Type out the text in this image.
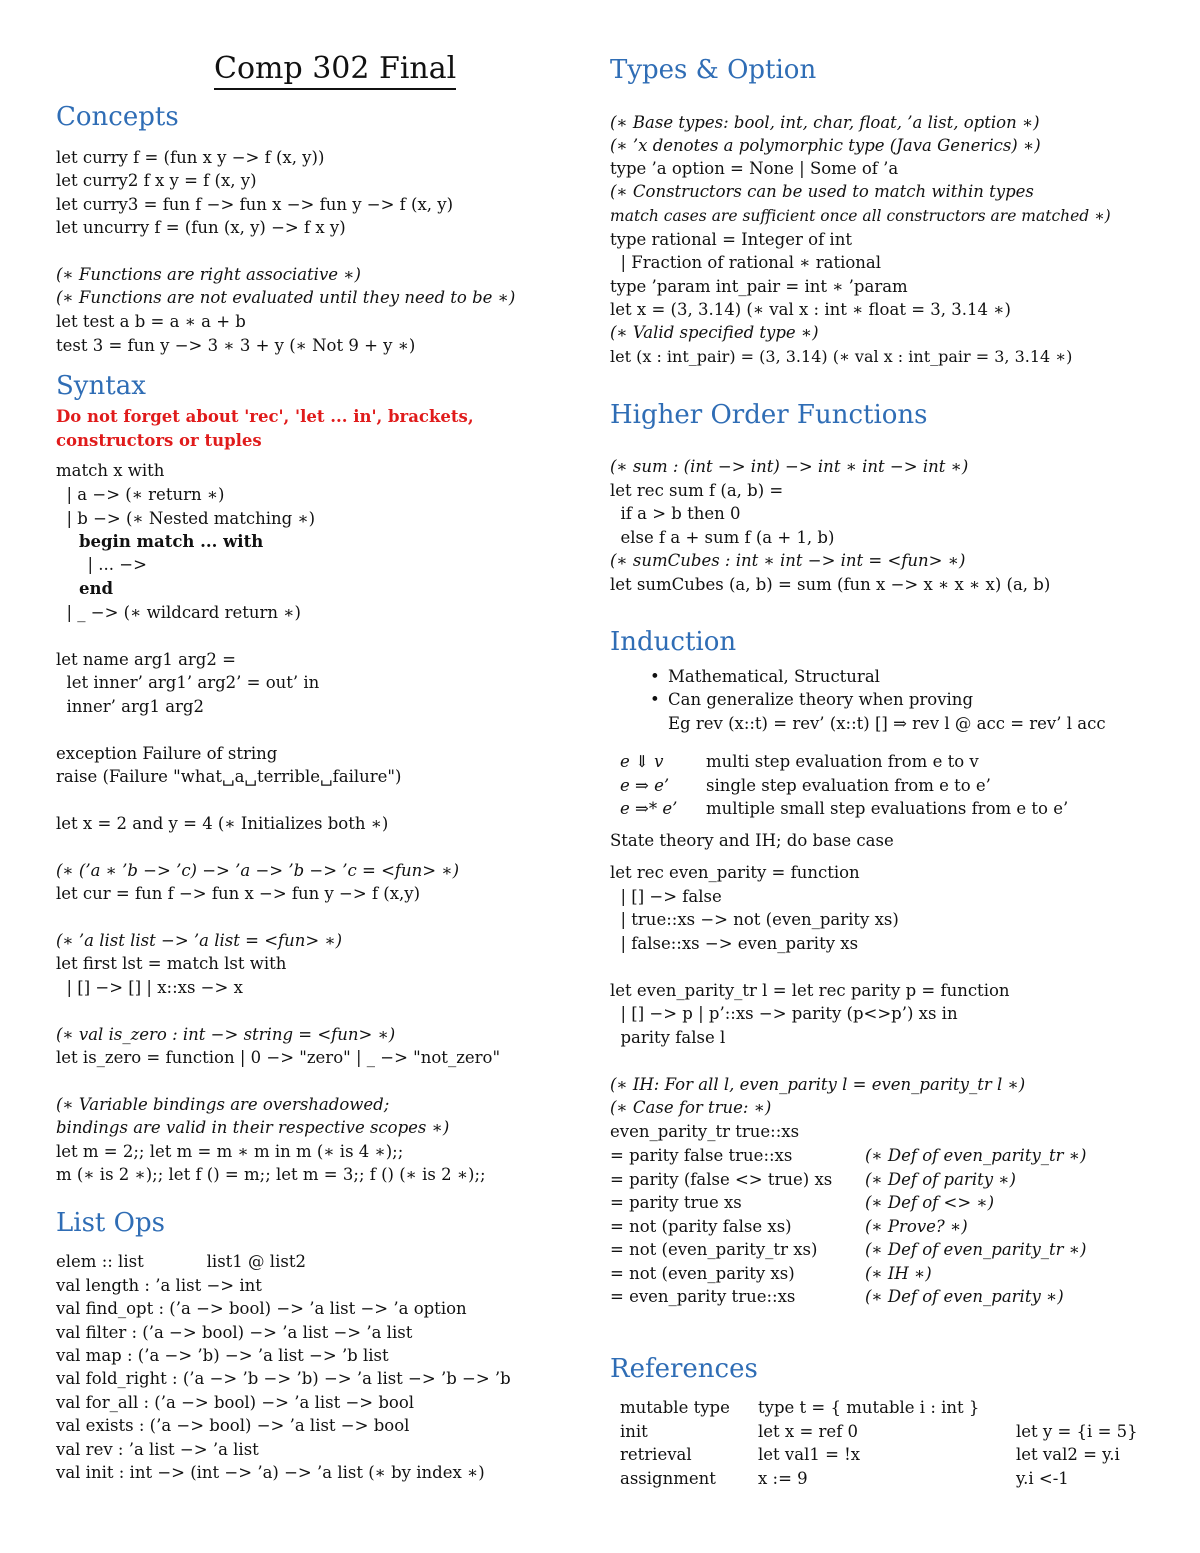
Comp 302 Final
Concepts
let curry f = (fun x y −> f (x, y))
let curry2 f x y = f (x, y)
let curry3 = fun f −> fun x −> fun y −> f (x, y)
let uncurry f = (fun (x, y) −> f x y)
(∗ Functions are right associative ∗)
(∗ Functions are not evaluated until they need to be ∗)
let test a b = a ∗ a + b
test 3 = fun y −> 3 ∗ 3 + y (∗ Not 9 + y ∗)
Syntax
Do not forget about 'rec', 'let ... in', brackets,
constructors or tuples
match x with
| a −> (∗ return ∗)
| b −> (∗ Nested matching ∗)
begin match ... with
| ... −>
end
| _ −> (∗ wildcard return ∗)
let name arg1 arg2 =
let inner’ arg1’ arg2’ = out’ in
inner’ arg1 arg2
exception Failure of string
raise (Failure "what␣a␣terrible␣failure")
let x = 2 and y = 4 (∗ Initializes both ∗)
(∗ (’a ∗ ’b −> ’c) −> ’a −> ’b −> ’c = <fun> ∗)
let cur = fun f −> fun x −> fun y −> f (x,y)
(∗ ’a list list −> ’a list = <fun> ∗)
let first lst = match lst with
| [] −> [] | x::xs −> x
(∗ val is_zero : int −> string = <fun> ∗)
let is_zero = function | 0 −> "zero" | _ −> "not_zero"
(∗ Variable bindings are overshadowed;
bindings are valid in their respective scopes ∗)
let m = 2;; let m = m ∗ m in m (∗ is 4 ∗);;
m (∗ is 2 ∗);; let f () = m;; let m = 3;; f () (∗ is 2 ∗);;
List Ops
elem :: list            list1 @ list2
val length : ’a list −> int
val find_opt : (’a −> bool) −> ’a list −> ’a option
val filter : (’a −> bool) −> ’a list −> ’a list
val map : (’a −> ’b) −> ’a list −> ’b list
val fold_right : (’a −> ’b −> ’b) −> ’a list −> ’b −> ’b
val for_all : (’a −> bool) −> ’a list −> bool
val exists : (’a −> bool) −> ’a list −> bool
val rev : ’a list −> ’a list
val init : int −> (int −> ’a) −> ’a list (∗ by index ∗)
Types & Option
(∗ Base types: bool, int, char, float, ’a list, option ∗)
(∗ ’x denotes a polymorphic type (Java Generics) ∗)
type ’a option = None | Some of ’a
(∗ Constructors can be used to match within types
match cases are sufficient once all constructors are matched ∗)
type rational = Integer of int
| Fraction of rational ∗ rational
type ’param int_pair = int ∗ ’param
let x = (3, 3.14) (∗ val x : int ∗ float = 3, 3.14 ∗)
(∗ Valid specified type ∗)
let (x : int_pair) = (3, 3.14) (∗ val x : int_pair = 3, 3.14 ∗)
Higher Order Functions
(∗ sum : (int −> int) −> int ∗ int −> int ∗)
let rec sum f (a, b) =
if a > b then 0
else f a + sum f (a + 1, b)
(∗ sumCubes : int ∗ int −> int = <fun> ∗)
let sumCubes (a, b) = sum (fun x −> x ∗ x ∗ x) (a, b)
Induction
• Mathematical, Structural
• Can generalize theory when proving
Eg rev (x::t) = rev’ (x::t) [] ⇒ rev l @ acc = rev’ l acc
e ⇓ v	multi step evaluation from e to v
e ⇒ e’	single step evaluation from e to e’
e ⇒* e’	multiple small step evaluations from e to e’
State theory and IH; do base case
let rec even_parity = function
| [] −> false
| true::xs −> not (even_parity xs)
| false::xs −> even_parity xs
let even_parity_tr l = let rec parity p = function
| [] −> p | p’::xs −> parity (p<>p’) xs in
parity false l
(∗ IH: For all l, even_parity l = even_parity_tr l ∗)
(∗ Case for true: ∗)
even_parity_tr true::xs
= parity false true::xs	(∗ Def of even_parity_tr ∗)
= parity (false <> true) xs	(∗ Def of parity ∗)
= parity true xs	(∗ Def of <> ∗)
= not (parity false xs)	(∗ Prove? ∗)
= not (even_parity_tr xs)	(∗ Def of even_parity_tr ∗)
= not (even_parity xs)	(∗ IH ∗)
= even_parity true::xs	(∗ Def of even_parity ∗)
References
mutable type	type t = { mutable i : int }	
init	let x = ref 0	let y = {i = 5}
retrieval	let val1 = !x	let val2 = y.i
assignment	x := 9	y.i <-1
